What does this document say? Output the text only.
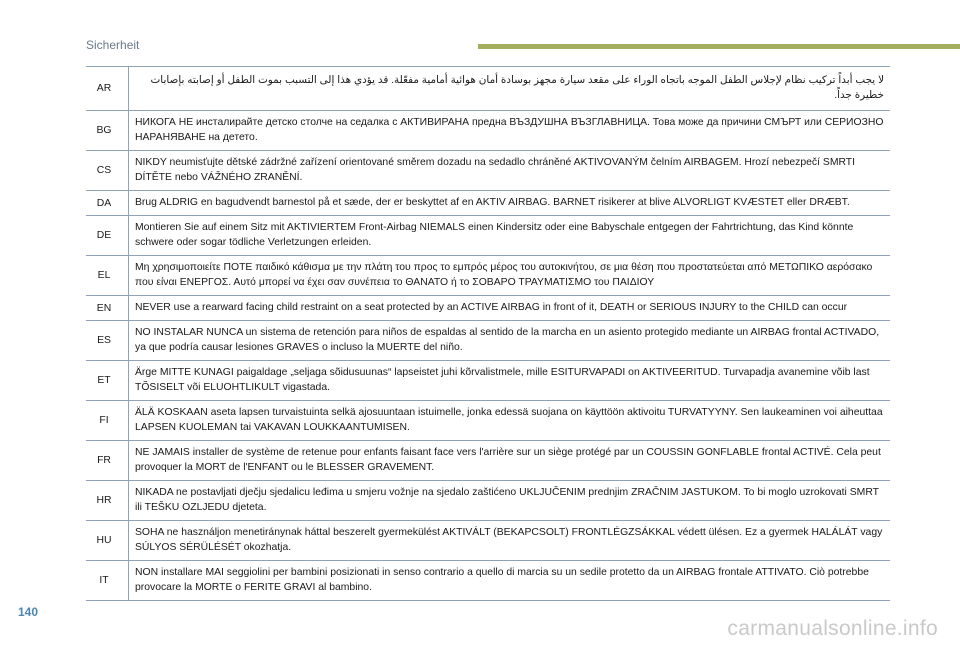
Sicherheit
AR	لا يجب أبداً تركيب نظام لإجلاس الطفل الموجه باتجاه الوراء على مقعد سيارة مجهز بوسادة أمان هوائية أمامية مفعّلة. قد يؤدي هذا إلى التسبب بموت الطفل أو إصابته بإصابات خطيرة جداً.
BG	НИКОГА НЕ инсталирайте детско столче на седалка с АКТИВИРАНА предна ВЪЗДУШНА ВЪЗГЛАВНИЦА. Това може да причини СМЪРТ или СЕРИОЗНО НАРАНЯВАНЕ на детето.
CS	NIKDY neumisťujte dětské zádržné zařízení orientované směrem dozadu na sedadlo chráněné AKTIVOVANÝM čelním AIRBAGEM. Hrozí nebezpečí SMRTI DÍTĚTE nebo VÁŽNÉHO ZRANĚNÍ.
DA	Brug ALDRIG en bagudvendt barnestol på et sæde, der er beskyttet af en AKTIV AIRBAG. BARNET risikerer at blive ALVORLIGT KVÆSTET eller DRÆBT.
DE	Montieren Sie auf einem Sitz mit AKTIVIERTEM Front-Airbag NIEMALS einen Kindersitz oder eine Babyschale entgegen der Fahrtrichtung, das Kind könnte schwere oder sogar tödliche Verletzungen erleiden.
EL	Μη χρησιμοποιείτε ΠΟΤΕ παιδικό κάθισμα με την πλάτη του προς το εμπρός μέρος του αυτοκινήτου, σε μια θέση που προστατεύεται από ΜΕΤΩΠΙΚΟ αερόσακο που είναι ΕΝΕΡΓΟΣ. Αυτό μπορεί να έχει σαν συνέπεια το ΘΑΝΑΤΟ ή το ΣΟΒΑΡΟ ΤΡΑΥΜΑΤΙΣΜΟ του ΠΑΙΔΙΟΥ
EN	NEVER use a rearward facing child restraint on a seat protected by an ACTIVE AIRBAG in front of it, DEATH or SERIOUS INJURY to the CHILD can occur
ES	NO INSTALAR NUNCA un sistema de retención para niños de espaldas al sentido de la marcha en un asiento protegido mediante un AIRBAG frontal ACTIVADO, ya que podría causar lesiones GRAVES o incluso la MUERTE del niño.
ET	Ärge MITTE KUNAGI paigaldage „seljaga sõidusuunas“ lapseistet juhi kõrvalistmele, mille ESITURVAPADI on AKTIVEERITUD. Turvapadja avanemine võib last TÕSISELT või ELUOHTLIKULT vigastada.
FI	ÄLÄ KOSKAAN aseta lapsen turvaistuinta selkä ajosuuntaan istuimelle, jonka edessä suojana on käyttöön aktivoitu TURVATYYNY. Sen laukeaminen voi aiheuttaa LAPSEN KUOLEMAN tai VAKAVAN LOUKKAANTUMISEN.
FR	NE JAMAIS installer de système de retenue pour enfants faisant face vers l'arrière sur un siège protégé par un COUSSIN GONFLABLE frontal ACTIVÉ. Cela peut provoquer la MORT de l'ENFANT ou le BLESSER GRAVEMENT.
HR	NIKADA ne postavljati dječju sjedalicu leđima u smjeru vožnje na sjedalo zaštićeno UKLJUČENIM prednjim ZRAČNIM JASTUKOM. To bi moglo uzrokovati SMRT ili TEŠKU OZLJEDU djeteta.
HU	SOHA ne használjon menetiránynak háttal beszerelt gyermekülést AKTIVÁLT (BEKAPCSOLT) FRONTLÉGZSÁKKAL védett ülésen. Ez a gyermek HALÁLÁT vagy SÚLYOS SÉRÜLÉSÉT okozhatja.
IT	NON installare MAI seggiolini per bambini posizionati in senso contrario a quello di marcia su un sedile protetto da un AIRBAG frontale ATTIVATO. Ciò potrebbe provocare la MORTE o FERITE GRAVI al bambino.
140
carmanualsonline.info
